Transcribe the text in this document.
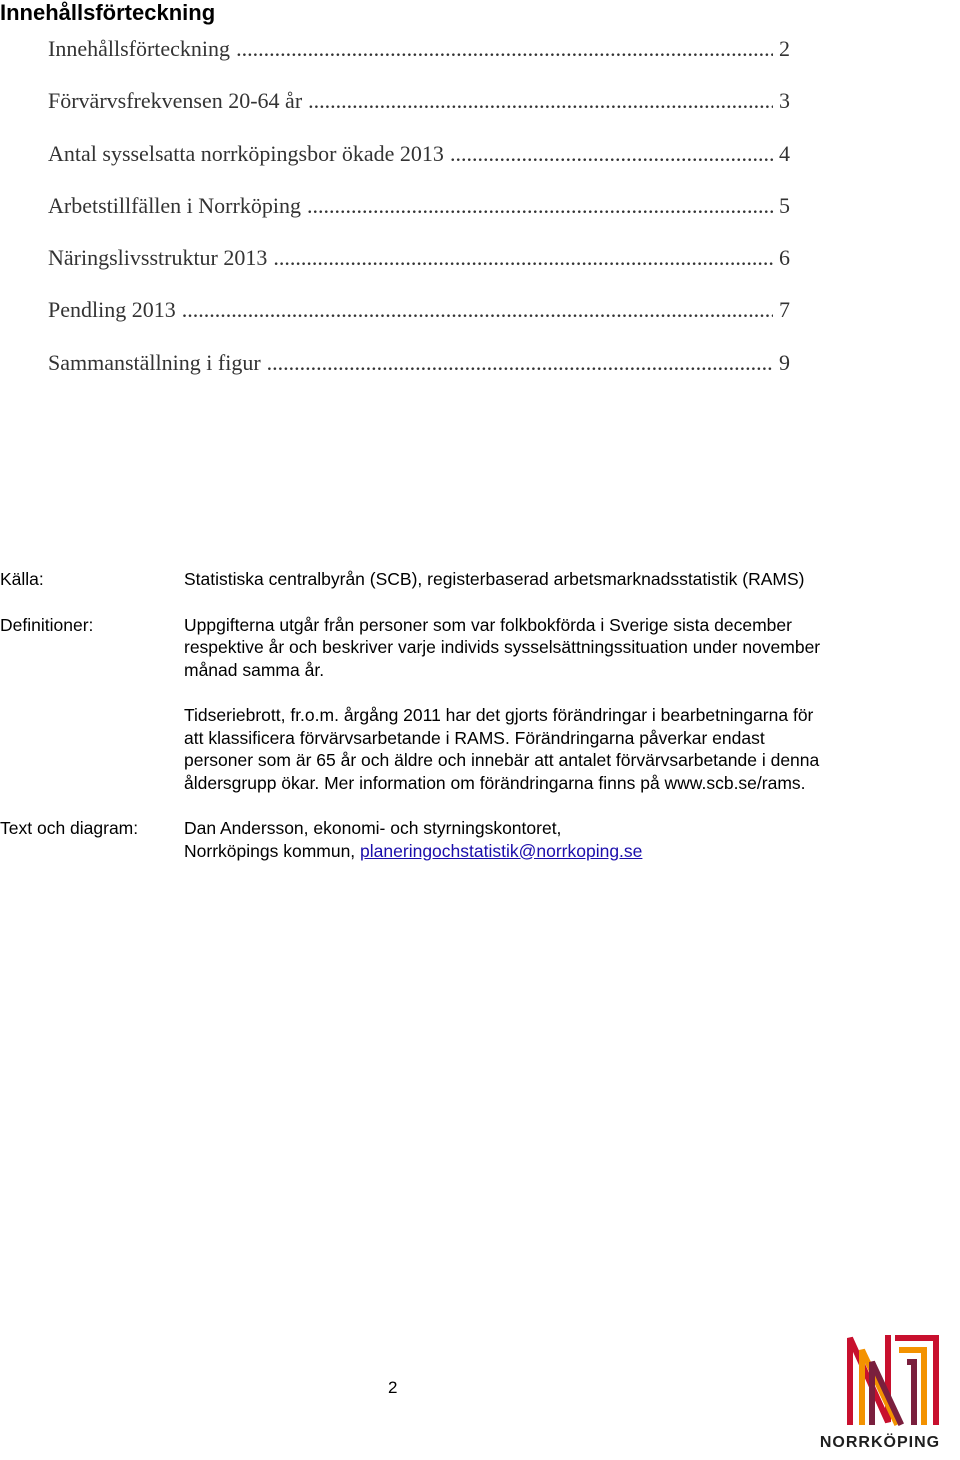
Innehållsförteckning
Innehållsförteckning .....	2
Förvärvsfrekvensen 20-64 år .....	3
Antal sysselsatta norrköpingsbor ökade 2013 .....	4
Arbetstillfällen i Norrköping .....	5
Näringslivsstruktur 2013 .....	6
Pendling 2013 .....	7
Sammanställning i figur .....	9
Källa:	Statistiska centralbyrån (SCB), registerbaserad arbetsmarknadsstatistik (RAMS)
Definitioner:	Uppgifterna utgår från personer som var folkbokförda i Sverige sista december respektive år och beskriver varje individs sysselsättningssituation under november månad samma år.

Tidseriebrott, fr.o.m. årgång 2011 har det gjorts förändringar i bearbetningarna för att klassificera förvärvsarbetande i RAMS. Förändringarna påverkar endast personer som är 65 år och äldre och innebär att antalet förvärvsarbetande i denna åldersgrupp ökar. Mer information om förändringarna finns på www.scb.se/rams.

Text och diagram:	Dan Andersson, ekonomi- och styrningskontoret,
Norrköpings kommun, planeringochstatistik@norrkoping.se
2
NORRKÖPING
